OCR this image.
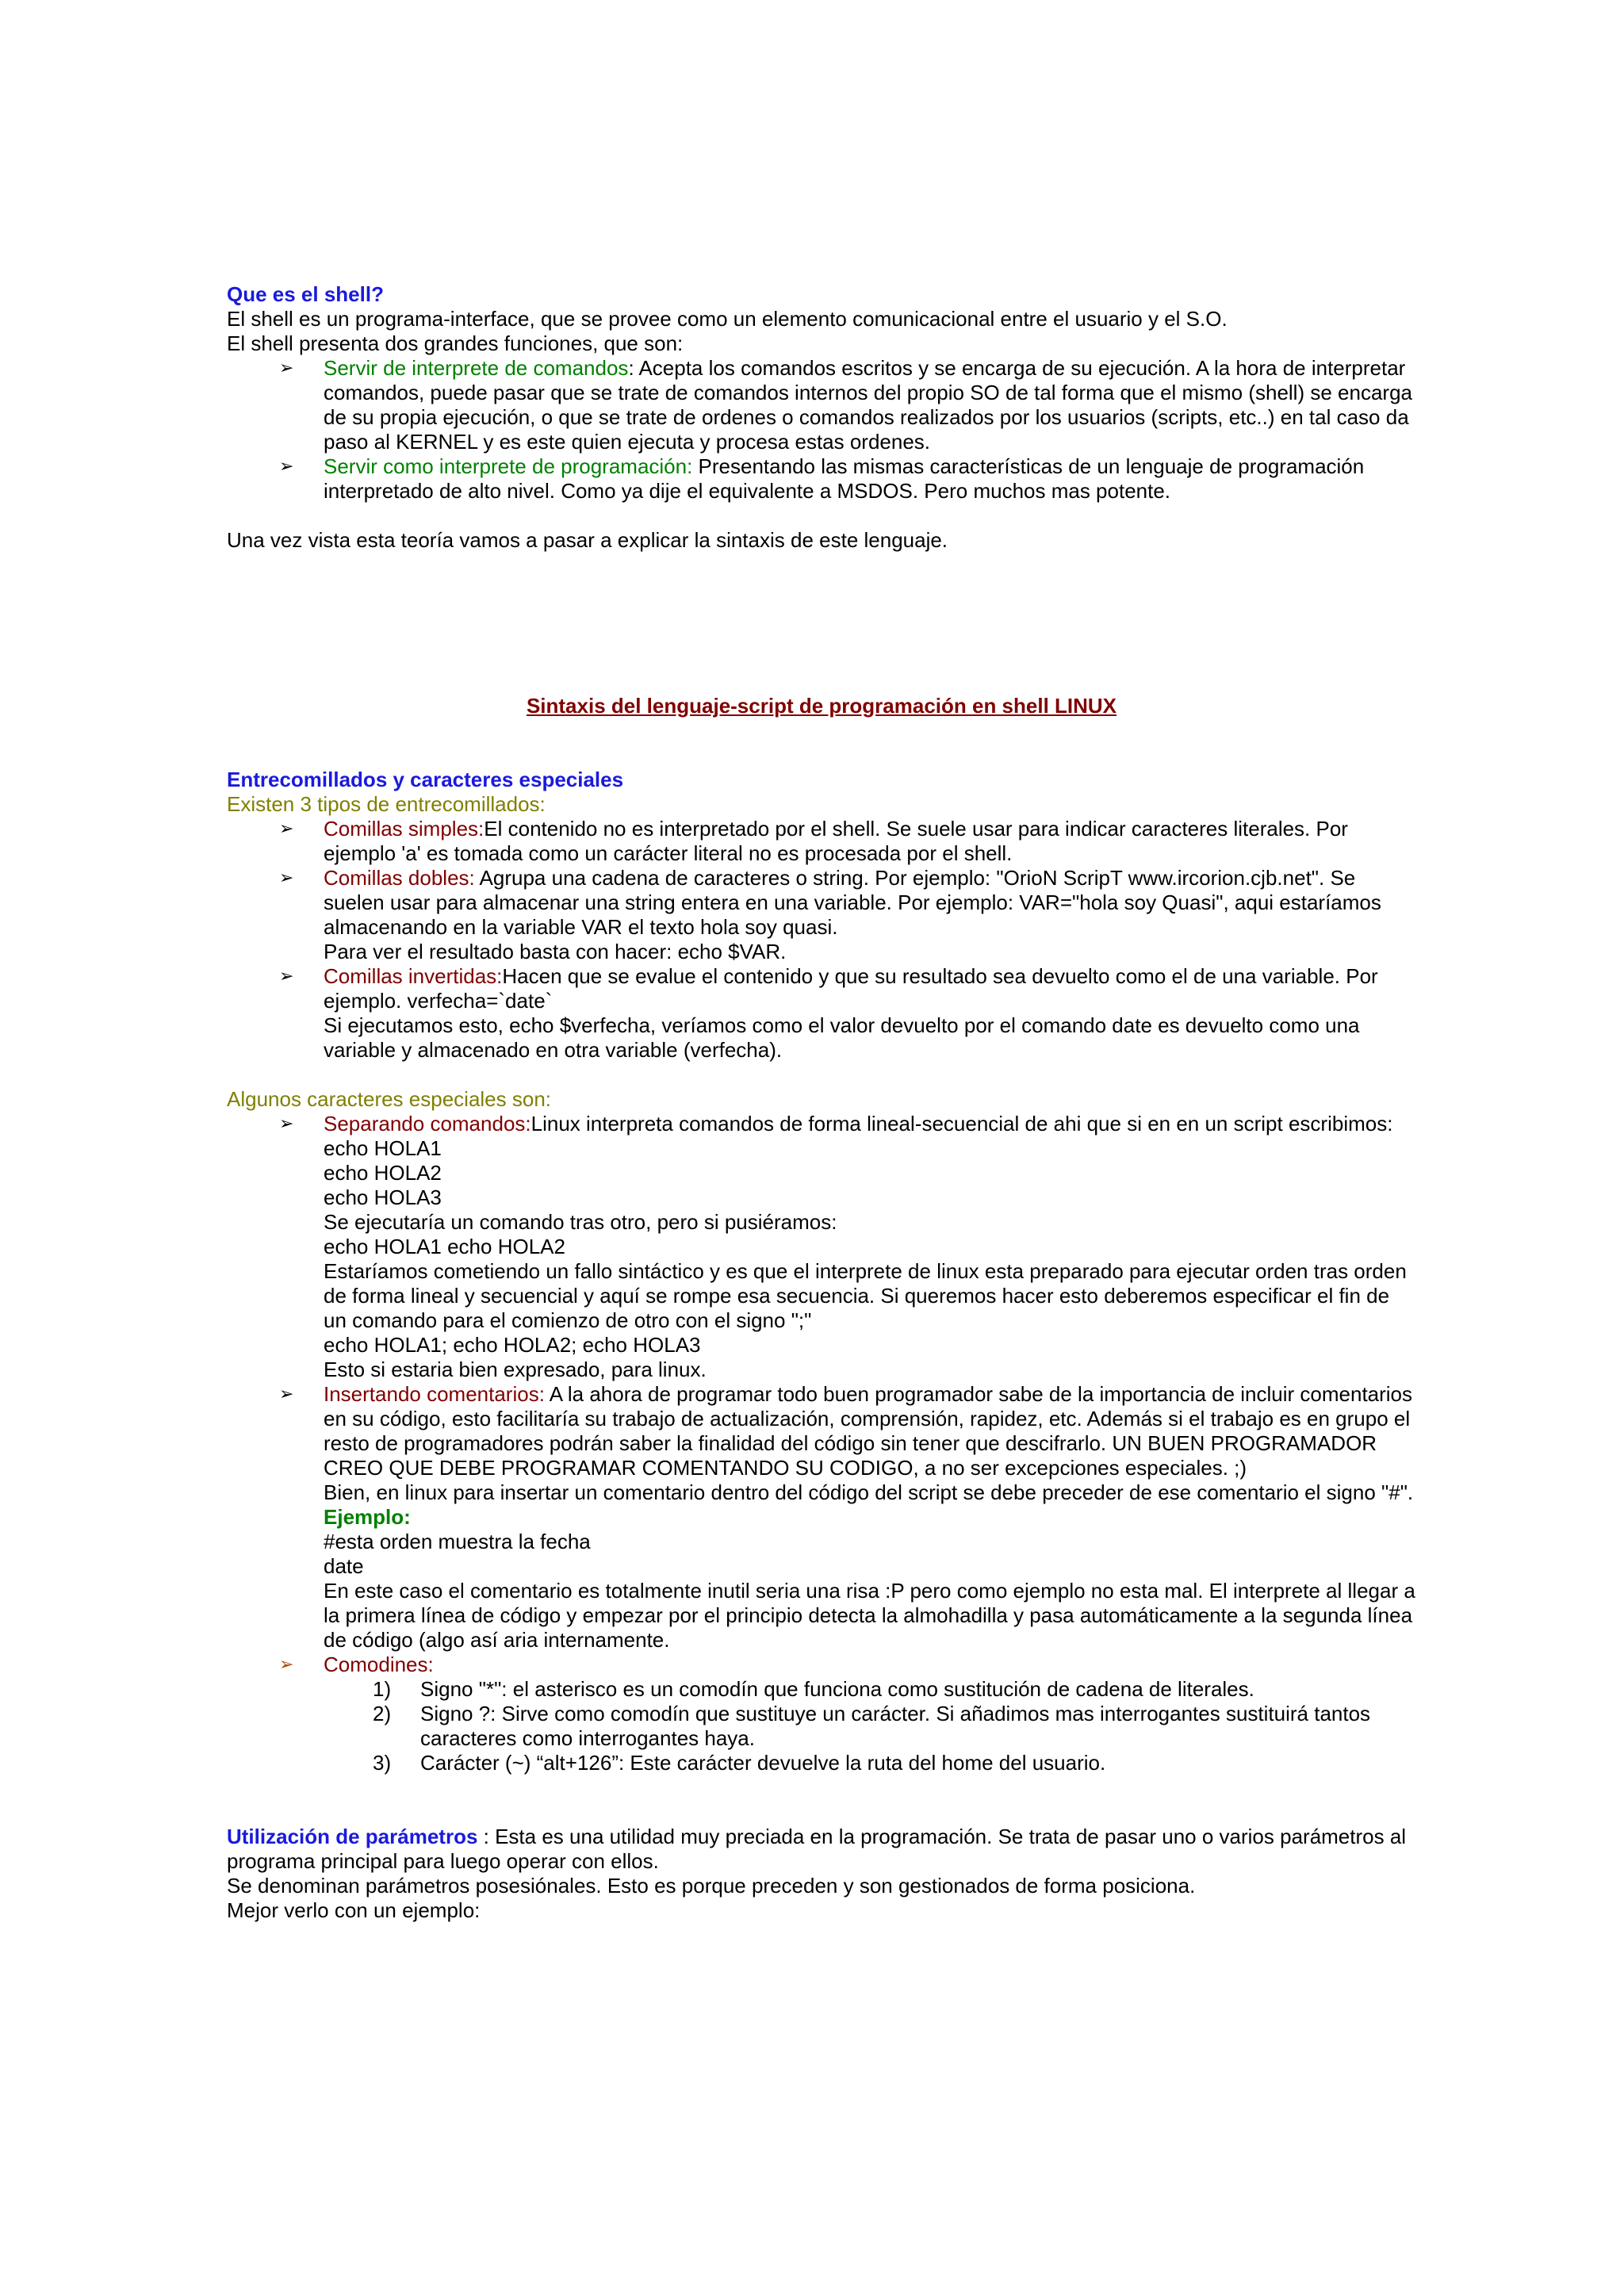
Que es el shell?

El shell es un programa-interface, que se provee como un elemento comunicacional entre el usuario y el S.O.

El shell presenta dos grandes funciones, que son:

➢	Servir de interprete de comandos: Acepta los comandos escritos y se encarga de su ejecución. A la hora de interpretar comandos, puede pasar que se trate de comandos internos del propio SO de tal forma que el mismo (shell) se encarga de su propia ejecución, o que se trate de ordenes o comandos realizados por los usuarios (scripts, etc..) en tal caso da paso al KERNEL y es este quien ejecuta y procesa estas ordenes.
➢	Servir como interprete de programación: Presentando las mismas características de un lenguaje de programación interpretado de alto nivel. Como ya dije el equivalente a MSDOS. Pero muchos mas potente.

Una vez vista esta teoría vamos a pasar a explicar la sintaxis de este lenguaje.

Sintaxis del lenguaje-script de programación en shell LINUX

Entrecomillados y caracteres especiales

Existen 3 tipos de entrecomillados:

➢	Comillas simples:El contenido no es interpretado por el shell. Se suele usar para indicar caracteres literales. Por ejemplo 'a' es tomada como un carácter literal no es procesada por el shell.
➢	Comillas dobles: Agrupa una cadena de caracteres o string. Por ejemplo: "OrioN ScripT www.ircorion.cjb.net". Se suelen usar para almacenar una string entera en una variable. Por ejemplo: VAR="hola soy Quasi", aqui estaríamos almacenando en la variable VAR el texto hola soy quasi.
Para ver el resultado basta con hacer: echo $VAR.
➢	Comillas invertidas:Hacen que se evalue el contenido y que su resultado sea devuelto como el de una variable. Por ejemplo. verfecha=`date`
Si ejecutamos esto, echo $verfecha, veríamos como el valor devuelto por el comando date es devuelto como una variable y almacenado en otra variable (verfecha).

Algunos caracteres especiales son:

➢	Separando comandos:Linux interpreta comandos de forma lineal-secuencial de ahi que si en en un script escribimos:
echo HOLA1
echo HOLA2
echo HOLA3
Se ejecutaría un comando tras otro, pero si pusiéramos:
echo HOLA1 echo HOLA2
Estaríamos cometiendo un fallo sintáctico y es que el interprete de linux esta preparado para ejecutar orden tras orden de forma lineal y secuencial y aquí se rompe esa secuencia. Si queremos hacer esto deberemos especificar el fin de un comando para el comienzo de otro con el signo ";"
echo HOLA1; echo HOLA2; echo HOLA3
Esto si estaria bien expresado, para linux.
➢	Insertando comentarios: A la ahora de programar todo buen programador sabe de la importancia de incluir comentarios en su código, esto facilitaría su trabajo de actualización, comprensión, rapidez, etc. Además si el trabajo es en grupo el resto de programadores podrán saber la finalidad del código sin tener que descifrarlo. UN BUEN PROGRAMADOR CREO QUE DEBE PROGRAMAR COMENTANDO SU CODIGO, a no ser excepciones especiales. ;)
Bien, en linux para insertar un comentario dentro del código del script se debe preceder de ese comentario el signo "#".
Ejemplo:
#esta orden muestra la fecha
date
En este caso el comentario es totalmente inutil seria una risa :P pero como ejemplo no esta mal. El interprete al llegar a la primera línea de código y empezar por el principio detecta la almohadilla y pasa automáticamente a la segunda línea de código (algo así aria internamente.
➢	Comodines:
1) Signo "*": el asterisco es un comodín que funciona como sustitución de cadena de literales.
2) Signo ?: Sirve como comodín que sustituye un carácter. Si añadimos mas interrogantes sustituirá tantos caracteres como interrogantes haya.
3) Carácter (~) “alt+126”: Este carácter devuelve la ruta del home del usuario.

Utilización de parámetros : Esta es una utilidad muy preciada en la programación. Se trata de pasar uno o varios parámetros al programa principal para luego operar con ellos.

Se denominan parámetros posesiónales. Esto es porque preceden y son gestionados de forma posiciona.

Mejor verlo con un ejemplo:
